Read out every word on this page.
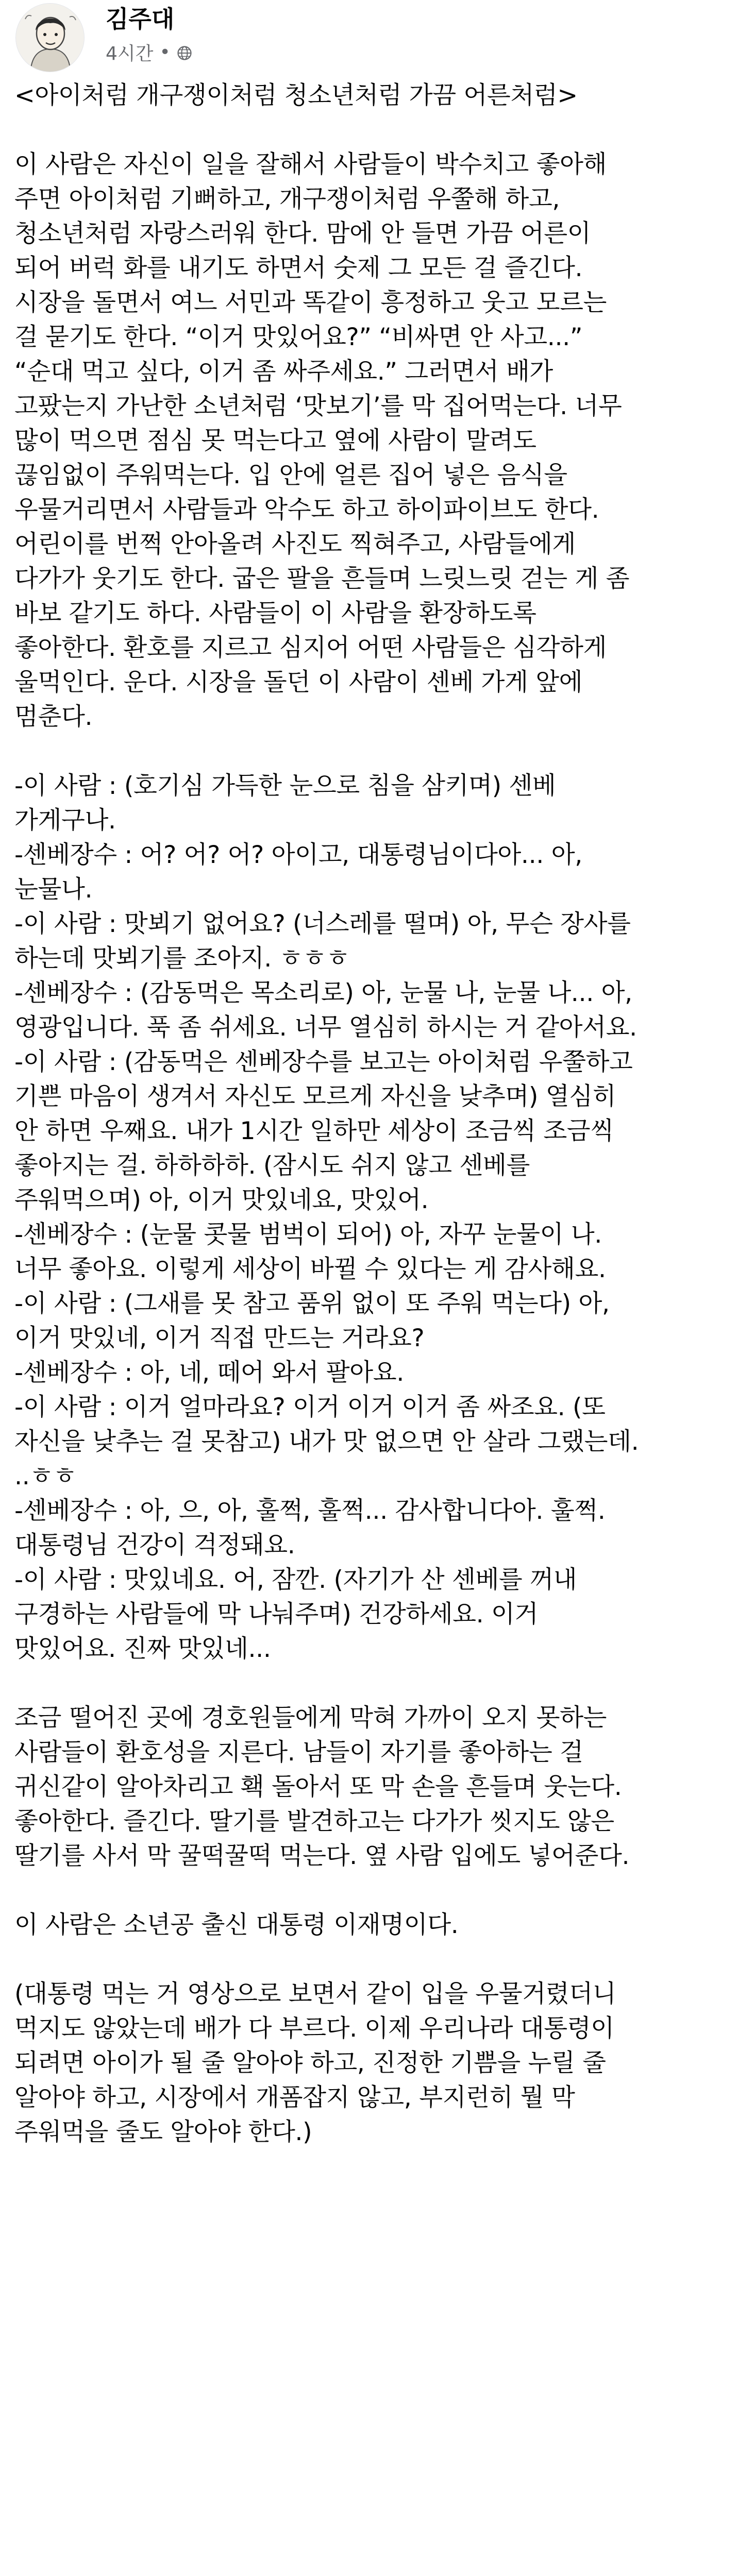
김주대
4시간 •
<아이처럼 개구쟁이처럼 청소년처럼 가끔 어른처럼>
이 사람은 자신이 일을 잘해서 사람들이 박수치고 좋아해
주면 아이처럼 기뻐하고, 개구쟁이처럼 우쭐해 하고,
청소년처럼 자랑스러워 한다. 맘에 안 들면 가끔 어른이
되어 버럭 화를 내기도 하면서 숫제 그 모든 걸 즐긴다.
시장을 돌면서 여느 서민과 똑같이 흥정하고 웃고 모르는
걸 묻기도 한다. “이거 맛있어요?” “비싸면 안 사고...”
“순대 먹고 싶다, 이거 좀 싸주세요.” 그러면서 배가
고팠는지 가난한 소년처럼 ‘맛보기’를 막 집어먹는다. 너무
많이 먹으면 점심 못 먹는다고 옆에 사람이 말려도
끊임없이 주워먹는다. 입 안에 얼른 집어 넣은 음식을
우물거리면서 사람들과 악수도 하고 하이파이브도 한다.
어린이를 번쩍 안아올려 사진도 찍혀주고, 사람들에게
다가가 웃기도 한다. 굽은 팔을 흔들며 느릿느릿 걷는 게 좀
바보 같기도 하다. 사람들이 이 사람을 환장하도록
좋아한다. 환호를 지르고 심지어 어떤 사람들은 심각하게
울먹인다. 운다. 시장을 돌던 이 사람이 센베 가게 앞에
멈춘다.
-이 사람 : (호기심 가득한 눈으로 침을 삼키며) 센베
가게구나.
-센베장수 : 어? 어? 어? 아이고, 대통령님이다아... 아,
눈물나.
-이 사람 : 맛뵈기 없어요? (너스레를 떨며) 아, 무슨 장사를
하는데 맛뵈기를 조아지. ㅎㅎㅎ
-센베장수 : (감동먹은 목소리로) 아, 눈물 나, 눈물 나... 아,
영광입니다. 푹 좀 쉬세요. 너무 열심히 하시는 거 같아서요.
-이 사람 : (감동먹은 센베장수를 보고는 아이처럼 우쭐하고
기쁜 마음이 생겨서 자신도 모르게 자신을 낮추며) 열심히
안 하면 우째요. 내가 1시간 일하만 세상이 조금씩 조금씩
좋아지는 걸. 하하하하. (잠시도 쉬지 않고 센베를
주워먹으며) 아, 이거 맛있네요, 맛있어.
-센베장수 : (눈물 콧물 범벅이 되어) 아, 자꾸 눈물이 나.
너무 좋아요. 이렇게 세상이 바뀔 수 있다는 게 감사해요.
-이 사람 : (그새를 못 참고 품위 없이 또 주워 먹는다) 아,
이거 맛있네, 이거 직접 만드는 거라요?
-센베장수 : 아, 네, 떼어 와서 팔아요.
-이 사람 : 이거 얼마라요? 이거 이거 이거 좀 싸조요. (또
자신을 낮추는 걸 못참고) 내가 맛 없으면 안 살라 그랬는데.
..ㅎㅎ
-센베장수 : 아, 으, 아, 훌쩍, 훌쩍... 감사합니다아. 훌쩍.
대통령님 건강이 걱정돼요.
-이 사람 : 맛있네요. 어, 잠깐. (자기가 산 센베를 꺼내
구경하는 사람들에 막 나눠주며) 건강하세요. 이거
맛있어요. 진짜 맛있네...
조금 떨어진 곳에 경호원들에게 막혀 가까이 오지 못하는
사람들이 환호성을 지른다. 남들이 자기를 좋아하는 걸
귀신같이 알아차리고 홱 돌아서 또 막 손을 흔들며 웃는다.
좋아한다. 즐긴다. 딸기를 발견하고는 다가가 씻지도 않은
딸기를 사서 막 꿀떡꿀떡 먹는다. 옆 사람 입에도 넣어준다.
이 사람은 소년공 출신 대통령 이재명이다.
(대통령 먹는 거 영상으로 보면서 같이 입을 우물거렸더니
먹지도 않았는데 배가 다 부르다. 이제 우리나라 대통령이
되려면 아이가 될 줄 알아야 하고, 진정한 기쁨을 누릴 줄
알아야 하고, 시장에서 개폼잡지 않고, 부지런히 뭘 막
주워먹을 줄도 알아야 한다.)
